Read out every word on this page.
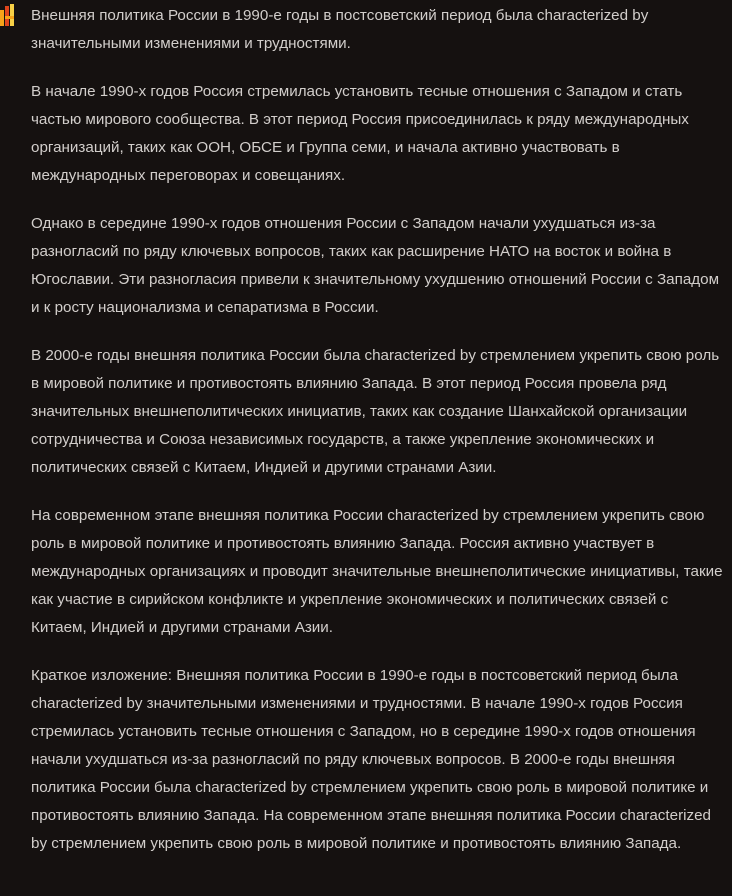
Внешняя политика России в 1990-е годы в постсоветский период была characterized by значительными изменениями и трудностями.

В начале 1990-х годов Россия стремилась установить тесные отношения с Западом и стать частью мирового сообщества. В этот период Россия присоединилась к ряду международных организаций, таких как ООН, ОБСЕ и Группа семи, и начала активно участвовать в международных переговорах и совещаниях.

Однако в середине 1990-х годов отношения России с Западом начали ухудшаться из-за разногласий по ряду ключевых вопросов, таких как расширение НАТО на восток и война в Югославии. Эти разногласия привели к значительному ухудшению отношений России с Западом и к росту национализма и сепаратизма в России.

В 2000-е годы внешняя политика России была characterized by стремлением укрепить свою роль в мировой политике и противостоять влиянию Запада. В этот период Россия провела ряд значительных внешнеполитических инициатив, таких как создание Шанхайской организации сотрудничества и Союза независимых государств, а также укрепление экономических и политических связей с Китаем, Индией и другими странами Азии.

На современном этапе внешняя политика России characterized by стремлением укрепить свою роль в мировой политике и противостоять влиянию Запада. Россия активно участвует в международных организациях и проводит значительные внешнеполитические инициативы, такие как участие в сирийском конфликте и укрепление экономических и политических связей с Китаем, Индией и другими странами Азии.

Краткое изложение: Внешняя политика России в 1990-е годы в постсоветский период была characterized by значительными изменениями и трудностями. В начале 1990-х годов Россия стремилась установить тесные отношения с Западом, но в середине 1990-х годов отношения начали ухудшаться из-за разногласий по ряду ключевых вопросов. В 2000-е годы внешняя политика России была characterized by стремлением укрепить свою роль в мировой политике и противостоять влиянию Запада. На современном этапе внешняя политика России characterized by стремлением укрепить свою роль в мировой политике и противостоять влиянию Запада.
